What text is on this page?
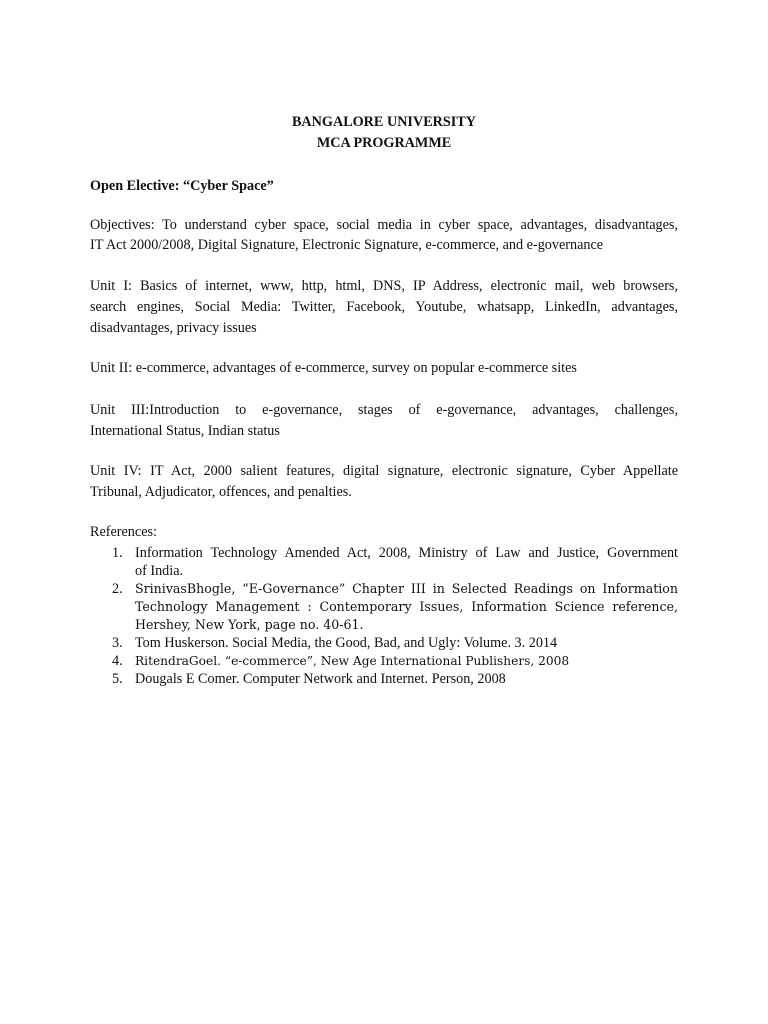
BANGALORE UNIVERSITY
MCA PROGRAMME
Open Elective: “Cyber Space”
Objectives: To understand cyber space, social media in cyber space, advantages, disadvantages,
IT Act 2000/2008, Digital Signature, Electronic Signature, e-commerce, and e-governance
Unit I: Basics of internet, www, http, html, DNS, IP Address, electronic mail, web browsers,
search engines, Social Media: Twitter, Facebook, Youtube, whatsapp, LinkedIn, advantages,
disadvantages, privacy issues
Unit II: e-commerce, advantages of e-commerce, survey on popular e-commerce sites
Unit III:Introduction to e-governance, stages of e-governance, advantages, challenges,
International Status, Indian status
Unit IV: IT Act, 2000 salient features, digital signature, electronic signature, Cyber Appellate
Tribunal, Adjudicator, offences, and penalties.
References:
1. Information Technology Amended Act, 2008, Ministry of Law and Justice, Government
of India.
2. SrinivasBhogle, “E-Governance” Chapter III in Selected Readings on Information
Technology Management : Contemporary Issues, Information Science reference,
Hershey, New York, page no. 40-61.
3. Tom Huskerson. Social Media, the Good, Bad, and Ugly: Volume. 3. 2014
4.	RitendraGoel. “e-commerce”, New Age International Publishers, 2008
5. Dougals E Comer. Computer Network and Internet. Person, 2008
